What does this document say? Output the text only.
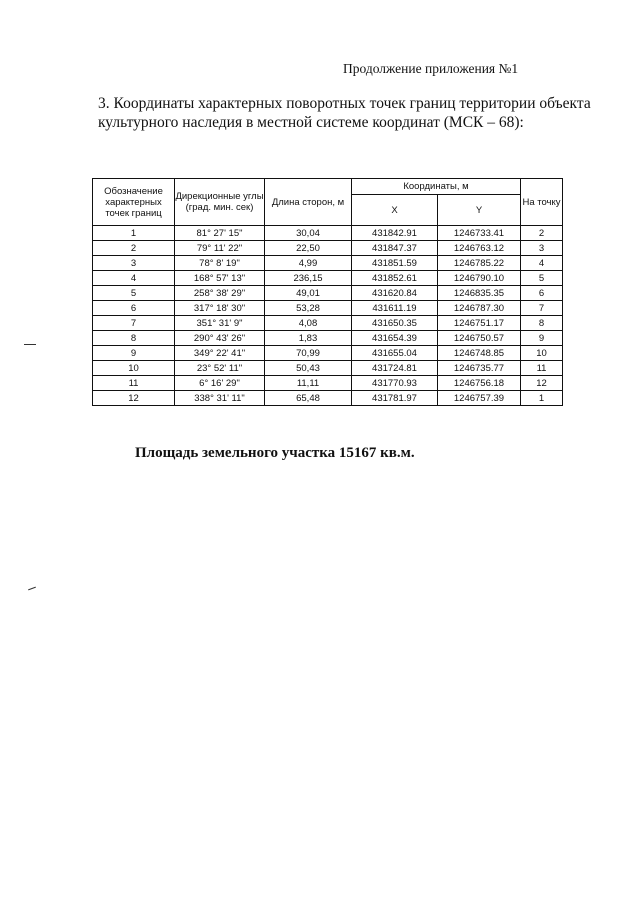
Продолжение приложения №1
3. Координаты характерных поворотных точек границ территории объекта
культурного наследия в местной системе координат (МСК – 68):
Обозначение характерных точек границ	Дирекционные углы (град. мин. сек)	Длина сторон, м	Координаты, м		На точку
			X	Y	
1	81° 27' 15"	30,04	431842.91	1246733.41	2
2	79° 11' 22"	22,50	431847.37	1246763.12	3
3	78° 8' 19"	4,99	431851.59	1246785.22	4
4	168° 57' 13"	236,15	431852.61	1246790.10	5
5	258° 38' 29"	49,01	431620.84	1246835.35	6
6	317° 18' 30"	53,28	431611.19	1246787.30	7
7	351° 31' 9"	4,08	431650.35	1246751.17	8
8	290° 43' 26"	1,83	431654.39	1246750.57	9
9	349° 22' 41"	70,99	431655.04	1246748.85	10
10	23° 52' 11"	50,43	431724.81	1246735.77	11
11	6° 16' 29"	11,11	431770.93	1246756.18	12
12	338° 31' 11"	65,48	431781.97	1246757.39	1
Площадь земельного участка 15167 кв.м.
